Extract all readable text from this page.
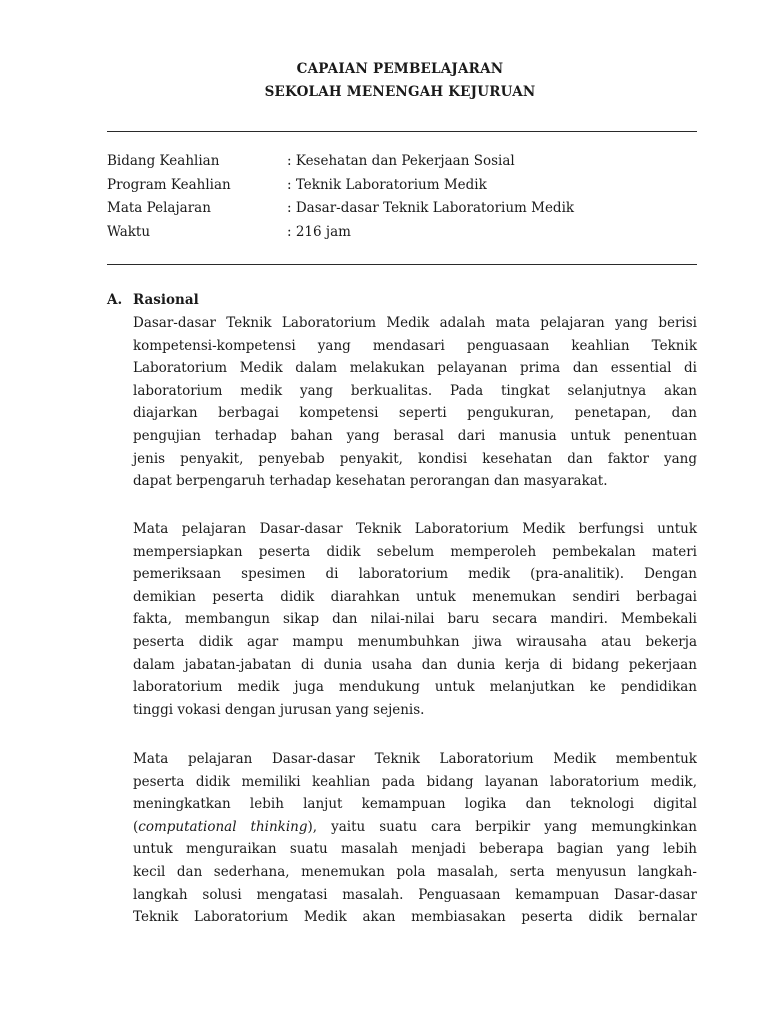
CAPAIAN PEMBELAJARAN
SEKOLAH MENENGAH KEJURUAN
Bidang Keahlian	: Kesehatan dan Pekerjaan Sosial
Program Keahlian	: Teknik Laboratorium Medik
Mata Pelajaran	: Dasar-dasar Teknik Laboratorium Medik
Waktu	: 216 jam
A. Rasional
Dasar-dasar Teknik Laboratorium Medik adalah mata pelajaran yang berisi
kompetensi-kompetensi yang mendasari penguasaan keahlian Teknik
Laboratorium Medik dalam melakukan pelayanan prima dan essential di
laboratorium medik yang berkualitas. Pada tingkat selanjutnya akan
diajarkan berbagai kompetensi seperti pengukuran, penetapan, dan
pengujian terhadap bahan yang berasal dari manusia untuk penentuan
jenis penyakit, penyebab penyakit, kondisi kesehatan dan faktor yang
dapat berpengaruh terhadap kesehatan perorangan dan masyarakat.
Mata pelajaran Dasar-dasar Teknik Laboratorium Medik berfungsi untuk
mempersiapkan peserta didik sebelum memperoleh pembekalan materi
pemeriksaan spesimen di laboratorium medik (pra-analitik). Dengan
demikian peserta didik diarahkan untuk menemukan sendiri berbagai
fakta, membangun sikap dan nilai-nilai baru secara mandiri. Membekali
peserta didik agar mampu menumbuhkan jiwa wirausaha atau bekerja
dalam jabatan-jabatan di dunia usaha dan dunia kerja di bidang pekerjaan
laboratorium medik juga mendukung untuk melanjutkan ke pendidikan
tinggi vokasi dengan jurusan yang sejenis.
Mata pelajaran Dasar-dasar Teknik Laboratorium Medik membentuk
peserta didik memiliki keahlian pada bidang layanan laboratorium medik,
meningkatkan lebih lanjut kemampuan logika dan teknologi digital
(computational thinking), yaitu suatu cara berpikir yang memungkinkan
untuk menguraikan suatu masalah menjadi beberapa bagian yang lebih
kecil dan sederhana, menemukan pola masalah, serta menyusun langkah-
langkah solusi mengatasi masalah. Penguasaan kemampuan Dasar-dasar
Teknik Laboratorium Medik akan membiasakan peserta didik bernalar
